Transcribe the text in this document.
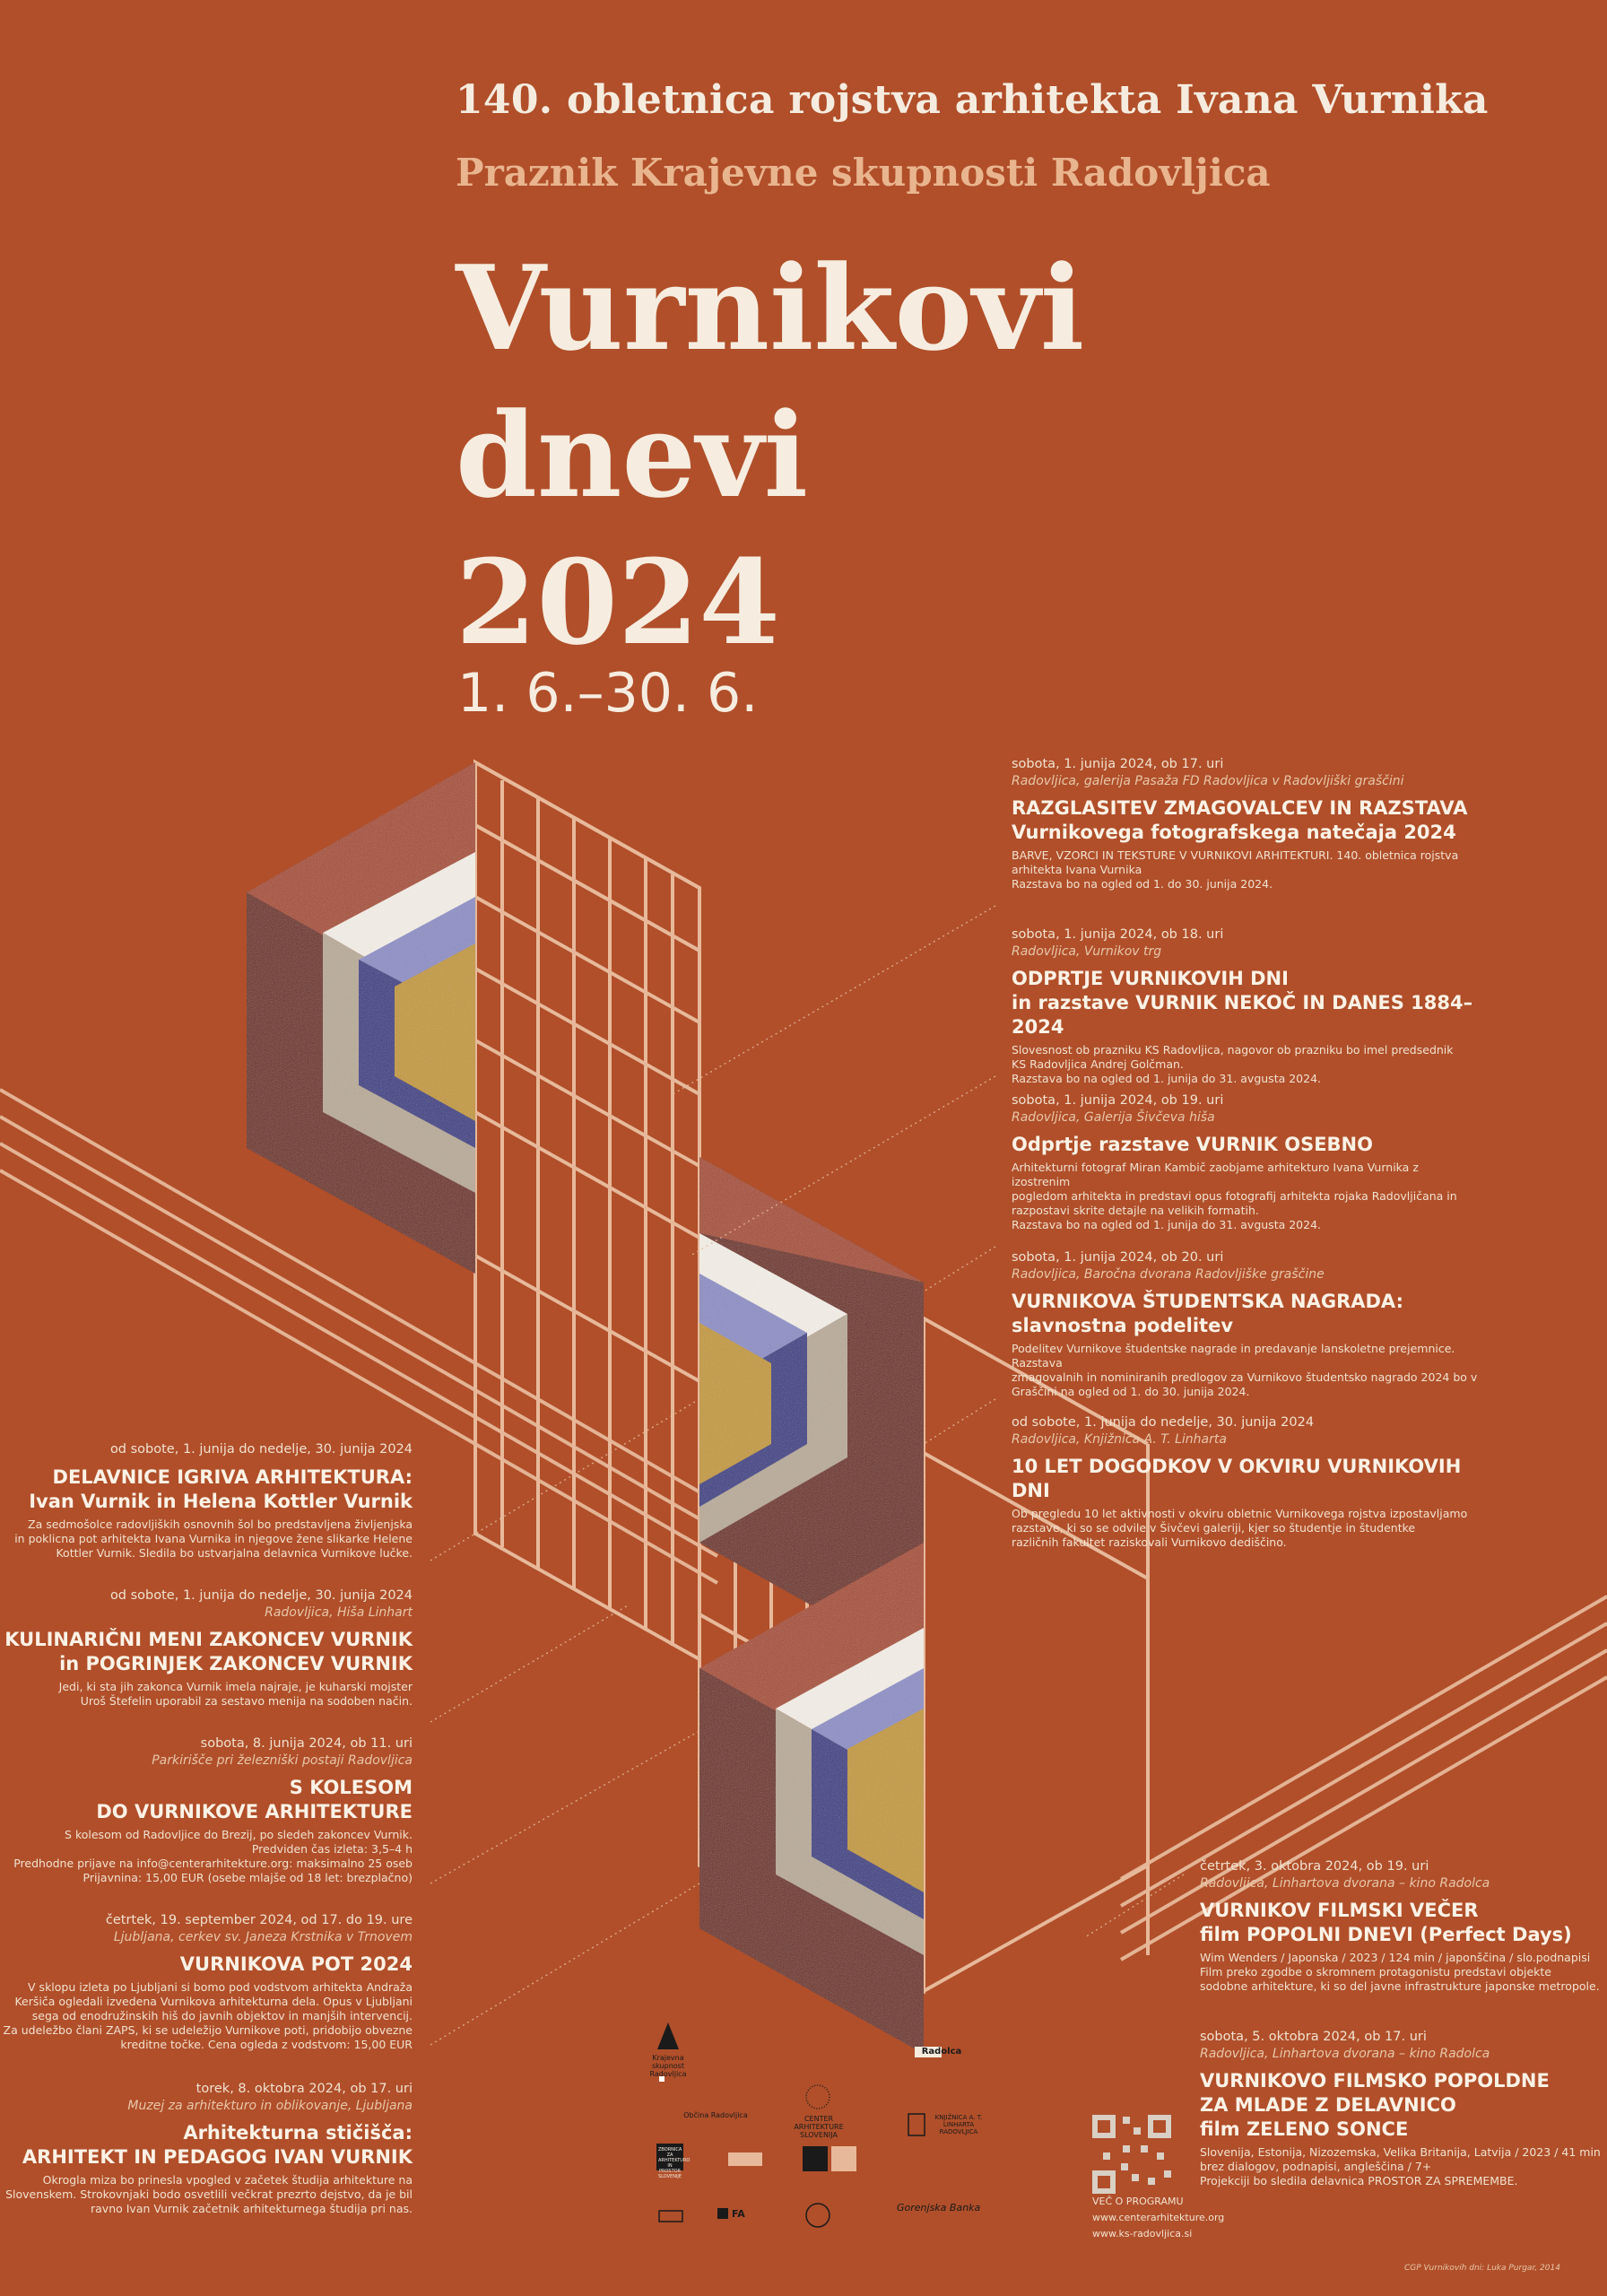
FA
Gorenjska Banka
140. obletnica rojstva arhitekta Ivana Vurnika
Praznik Krajevne skupnosti Radovljica
Vurnikovi
dnevi
2024
1. 6.–30. 6.
sobota, 1. junija 2024, ob 17. uri
Radovljica, galerija Pasaža FD Radovljica v Radovljiški graščini
RAZGLASITEV ZMAGOVALCEV IN RAZSTAVA
Vurnikovega fotografskega natečaja 2024
BARVE, VZORCI IN TEKSTURE V VURNIKOVI ARHITEKTURI. 140. obletnica rojstva
arhitekta Ivana Vurnika
Razstava bo na ogled od 1. do 30. junija 2024.
sobota, 1. junija 2024, ob 18. uri
Radovljica, Vurnikov trg
ODPRTJE VURNIKOVIH DNI
in razstave VURNIK NEKOČ IN DANES 1884–2024
Slovesnost ob prazniku KS Radovljica, nagovor ob prazniku bo imel predsednik
KS Radovljica Andrej Golčman.
Razstava bo na ogled od 1. junija do 31. avgusta 2024.
sobota, 1. junija 2024, ob 19. uri
Radovljica, Galerija Šivčeva hiša
Odprtje razstave VURNIK OSEBNO
Arhitekturni fotograf Miran Kambič zaobjame arhitekturo Ivana Vurnika z izostrenim
pogledom arhitekta in predstavi opus fotografij arhitekta rojaka Radovljičana in
razpostavi skrite detajle na velikih formatih.
Razstava bo na ogled od 1. junija do 31. avgusta 2024.
sobota, 1. junija 2024, ob 20. uri
Radovljica, Baročna dvorana Radovljiške graščine
VURNIKOVA ŠTUDENTSKA NAGRADA:
slavnostna podelitev
Podelitev Vurnikove študentske nagrade in predavanje lanskoletne prejemnice. Razstava
zmagovalnih in nominiranih predlogov za Vurnikovo študentsko nagrado 2024 bo v
Graščini na ogled od 1. do 30. junija 2024.
od sobote, 1. junija do nedelje, 30. junija 2024
Radovljica, Knjižnica A. T. Linharta
10 LET DOGODKOV V OKVIRU VURNIKOVIH DNI
Ob pregledu 10 let aktivnosti v okviru obletnic Vurnikovega rojstva izpostavljamo
razstave, ki so se odvile v Šivčevi galeriji, kjer so študentje in študentke
različnih fakultet raziskovali Vurnikovo dediščino.
od sobote, 1. junija do nedelje, 30. junija 2024
DELAVNICE IGRIVA ARHITEKTURA:
Ivan Vurnik in Helena Kottler Vurnik
Za sedmošolce radovljiških osnovnih šol bo predstavljena življenjska
in poklicna pot arhitekta Ivana Vurnika in njegove žene slikarke Helene
Kottler Vurnik. Sledila bo ustvarjalna delavnica Vurnikove lučke.
od sobote, 1. junija do nedelje, 30. junija 2024
Radovljica, Hiša Linhart
KULINARIČNI MENI ZAKONCEV VURNIK
in POGRINJEK ZAKONCEV VURNIK
Jedi, ki sta jih zakonca Vurnik imela najraje, je kuharski mojster
Uroš Štefelin uporabil za sestavo menija na sodoben način.
sobota, 8. junija 2024, ob 11. uri
Parkirišče pri železniški postaji Radovljica
S KOLESOM
DO VURNIKOVE ARHITEKTURE
S kolesom od Radovljice do Brezij, po sledeh zakoncev Vurnik.
Predviden čas izleta: 3,5–4 h
Predhodne prijave na info@centerarhitekture.org: maksimalno 25 oseb
Prijavnina: 15,00 EUR (osebe mlajše od 18 let: brezplačno)
četrtek, 19. september 2024, od 17. do 19. ure
Ljubljana, cerkev sv. Janeza Krstnika v Trnovem
VURNIKOVA POT 2024
V sklopu izleta po Ljubljani si bomo pod vodstvom arhitekta Andraža
Keršiča ogledali izvedena Vurnikova arhitekturna dela. Opus v Ljubljani
sega od enodružinskih hiš do javnih objektov in manjših intervencij.
Za udeležbo člani ZAPS, ki se udeležijo Vurnikove poti, pridobijo obvezne
kreditne točke. Cena ogleda z vodstvom: 15,00 EUR
torek, 8. oktobra 2024, ob 17. uri
Muzej za arhitekturo in oblikovanje, Ljubljana
Arhitekturna stičišča:
ARHITEKT IN PEDAGOG IVAN VURNIK
Okrogla miza bo prinesla vpogled v začetek študija arhitekture na
Slovenskem. Strokovnjaki bodo osvetlili večkrat prezrto dejstvo, da je bil
ravno Ivan Vurnik začetnik arhitekturnega študija pri nas.
četrtek, 3. oktobra 2024, ob 19. uri
Radovljica, Linhartova dvorana – kino Radolca
VURNIKOV FILMSKI VEČER
film POPOLNI DNEVI (Perfect Days)
Wim Wenders / Japonska / 2023 / 124 min / japonščina / slo.podnapisi
Film preko zgodbe o skromnem protagonistu predstavi objekte
sodobne arhitekture, ki so del javne infrastrukture japonske metropole.
sobota, 5. oktobra 2024, ob 17. uri
Radovljica, Linhartova dvorana – kino Radolca
VURNIKOVO FILMSKO POPOLDNE
ZA MLADE Z DELAVNICO
film ZELENO SONCE
Slovenija, Estonija, Nizozemska, Velika Britanija, Latvija / 2023 / 41 min
brez dialogov, podnapisi, angleščina / 7+
Projekciji bo sledila delavnica PROSTOR ZA SPREMEMBE.
Krajevna skupnost Radovljica
Občina Radovljica	CENTER ARHITEKTURE SLOVENIJA
Radolca
KNJIŽNICA A. T. LINHARTA RADOVLJICA
ZBORNICA ZA ARHITEKTURO IN PROSTOR SLOVENIJE
VEČ O PROGRAMU
www.centerarhitekture.org
www.ks-radovljica.si
CGP Vurnikovih dni: Luka Purgar, 2014
